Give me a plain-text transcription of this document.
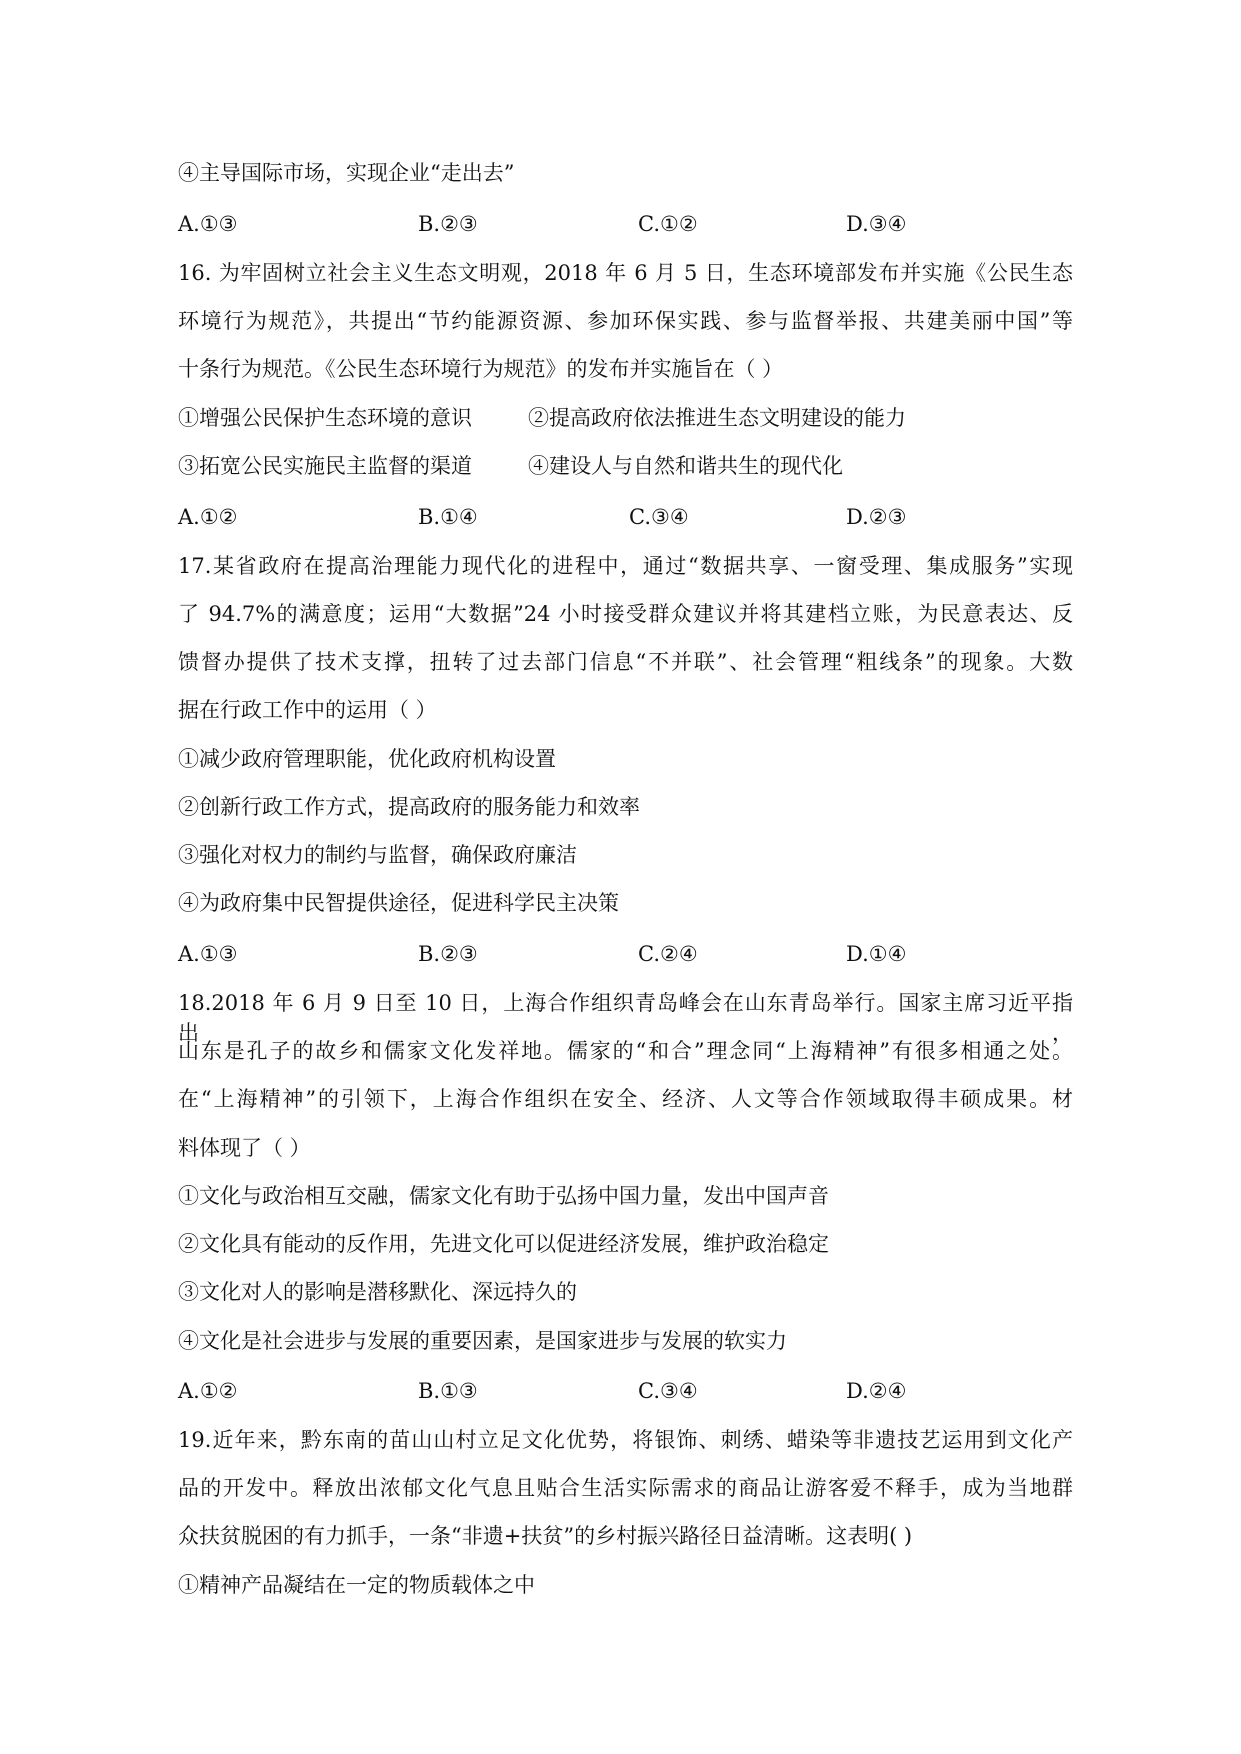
④主导国际市场，实现企业“走出去”
A.①③	B.②③	C.①②	D.③④
16. 为牢固树立社会主义生态文明观，2018 年 6 月 5 日，生态环境部发布并实施《公民生态
环境行为规范》，共提出“节约能源资源、参加环保实践、参与监督举报、共建美丽中国”等
十条行为规范。《公民生态环境行为规范》的发布并实施旨在（ ）
①增强公民保护生态环境的意识	②提高政府依法推进生态文明建设的能力
③拓宽公民实施民主监督的渠道	④建设人与自然和谐共生的现代化
A.①②	B.①④	C.③④	D.②③
17.某省政府在提高治理能力现代化的进程中，通过“数据共享、一窗受理、集成服务”实现
了 94.7%的满意度；运用“大数据”24 小时接受群众建议并将其建档立账，为民意表达、反
馈督办提供了技术支撑，扭转了过去部门信息“不并联”、社会管理“粗线条”的现象。大数
据在行政工作中的运用（ ）
①减少政府管理职能，优化政府机构设置
②创新行政工作方式，提高政府的服务能力和效率
③强化对权力的制约与监督，确保政府廉洁
④为政府集中民智提供途径，促进科学民主决策
A.①③	B.②③	C.②④	D.①④
18.2018 年 6 月 9 日至 10 日，上海合作组织青岛峰会在山东青岛举行。国家主席习近平指出，
山东是孔子的故乡和儒家文化发祥地。儒家的“和合”理念同“上海精神”有很多相通之处。
在“上海精神”的引领下，上海合作组织在安全、经济、人文等合作领域取得丰硕成果。材
料体现了（ ）
①文化与政治相互交融，儒家文化有助于弘扬中国力量，发出中国声音
②文化具有能动的反作用，先进文化可以促进经济发展，维护政治稳定
③文化对人的影响是潜移默化、深远持久的
④文化是社会进步与发展的重要因素，是国家进步与发展的软实力
A.①②	B.①③	C.③④	D.②④
19.近年来，黔东南的苗山山村立足文化优势，将银饰、刺绣、蜡染等非遗技艺运用到文化产
品的开发中。释放出浓郁文化气息且贴合生活实际需求的商品让游客爱不释手，成为当地群
众扶贫脱困的有力抓手，一条“非遗+扶贫”的乡村振兴路径日益清晰。这表明( )
①精神产品凝结在一定的物质载体之中
